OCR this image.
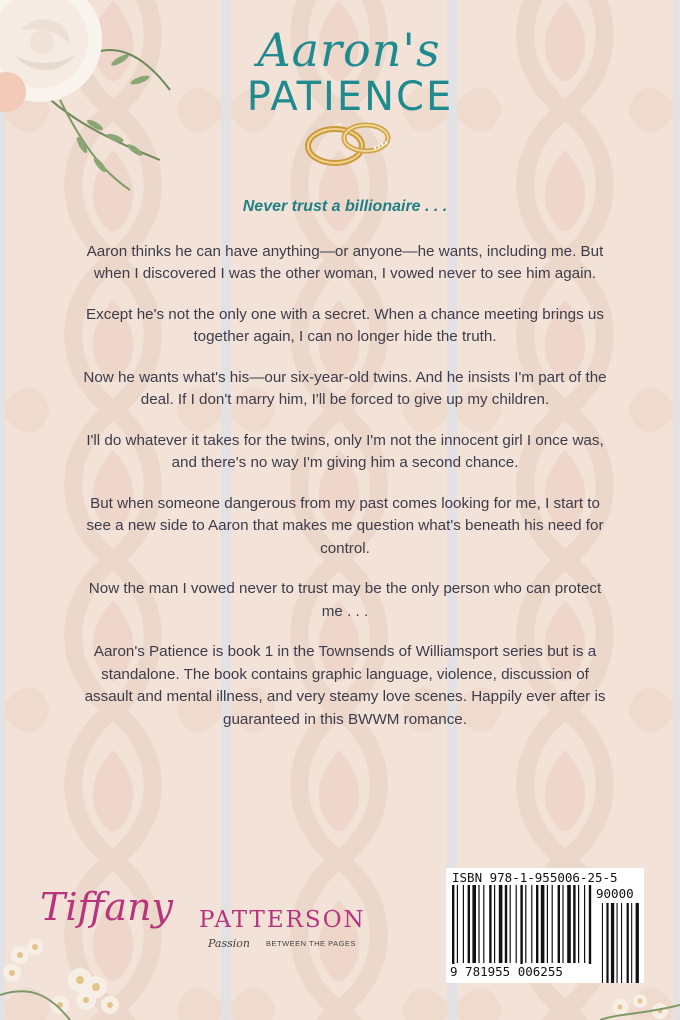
Aaron's
PATIENCE

Never trust a billionaire . . .

Aaron thinks he can have anything—or anyone—he wants, including me. But when I discovered I was the other woman, I vowed never to see him again.

Except he's not the only one with a secret. When a chance meeting brings us together again, I can no longer hide the truth.

Now he wants what's his—our six-year-old twins. And he insists I'm part of the deal. If I don't marry him, I'll be forced to give up my children.

I'll do whatever it takes for the twins, only I'm not the innocent girl I once was, and there's no way I'm giving him a second chance.

But when someone dangerous from my past comes looking for me, I start to see a new side to Aaron that makes me question what's beneath his need for control.

Now the man I vowed never to trust may be the only person who can protect me . . .

Aaron's Patience is book 1 in the Townsends of Williamsport series but is a standalone. The book contains graphic language, violence, discussion of assault and mental illness, and very steamy love scenes. Happily ever after is guaranteed in this BWWM romance.

Tiffany PATTERSON
Passion BETWEEN THE PAGES
ISBN 978-1-955006-25-5
90000
9 781955 006255
